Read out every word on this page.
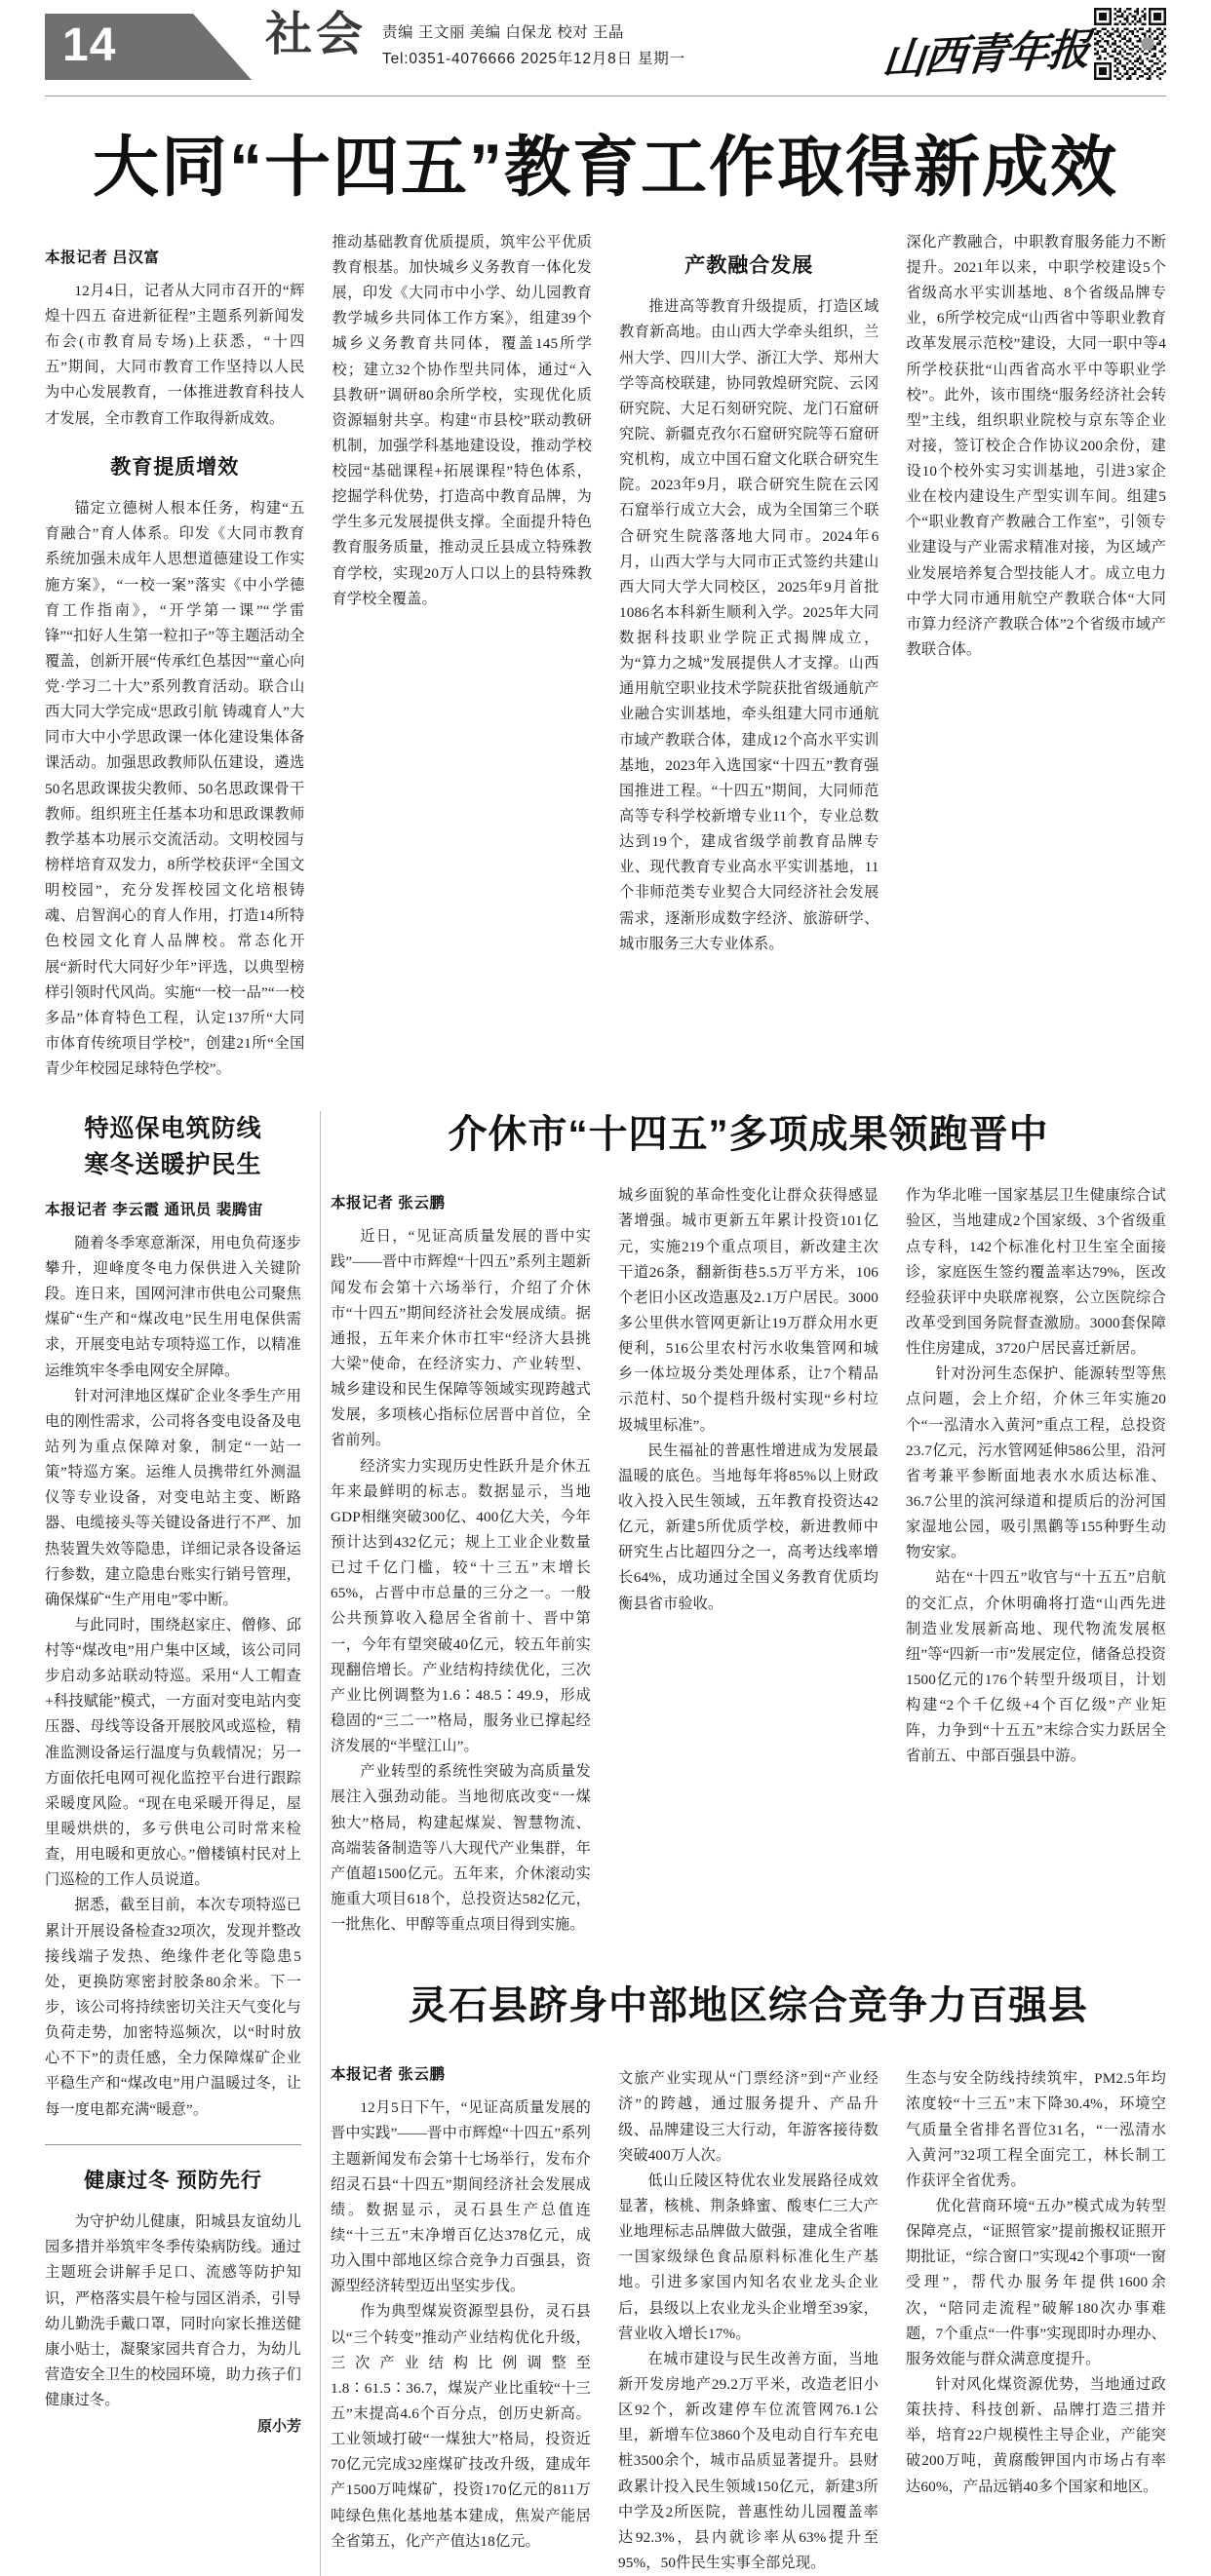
14	社会 责编 王文丽 美编 白保龙 校对 王晶
Tel:0351-4076666 2025年12月8日 星期一	山西青年报
大同“十四五”教育工作取得新成效
本报记者 吕汉富

12月4日，记者从大同市召开的“辉煌十四五 奋进新征程”主题系列新闻发布会(市教育局专场)上获悉，“十四五”期间，大同市教育工作坚持以人民为中心发展教育，一体推进教育科技人才发展，全市教育工作取得新成效。

教育提质增效

锚定立德树人根本任务，构建“五育融合”育人体系。印发《大同市教育系统加强未成年人思想道德建设工作实施方案》，“一校一案”落实《中小学德育工作指南》，“开学第一课”“学雷锋”“扣好人生第一粒扣子”等主题活动全覆盖，创新开展“传承红色基因”“童心向党·学习二十大”系列教育活动。联合山西大同大学完成“思政引航 铸魂育人”大同市大中小学思政课一体化建设集体备课活动。加强思政教师队伍建设，遴选50名思政课拔尖教师、50名思政课骨干教师。组织班主任基本功和思政课教师教学基本功展示交流活动。文明校园与榜样培育双发力，8所学校获评“全国文明校园”，充分发挥校园文化培根铸魂、启智润心的育人作用，打造14所特色校园文化育人品牌校。常态化开展“新时代大同好少年”评选，以典型榜样引领时代风尚。实施“一校一品”“一校多品”体育特色工程，认定137所“大同市体育传统项目学校”，创建21所“全国青少年校园足球特色学校”。

推动基础教育优质提质，筑牢公平优质教育根基。加快城乡义务教育一体化发展，印发《大同市中小学、幼儿园教育教学城乡共同体工作方案》，组建39个城乡义务教育共同体，覆盖145所学校；建立32个协作型共同体，通过“入县教研”调研80余所学校，实现优化质资源辐射共享。构建“市县校”联动教研机制，加强学科基地建设设，推动学校校园“基础课程+拓展课程”特色体系，挖掘学科优势，打造高中教育品牌，为学生多元发展提供支撑。全面提升特色教育服务质量，推动灵丘县成立特殊教育学校，实现20万人口以上的县特殊教育学校全覆盖。

产教融合发展

推进高等教育升级提质，打造区域教育新高地。由山西大学牵头组织，兰州大学、四川大学、浙江大学、郑州大学等高校联建，协同敦煌研究院、云冈研究院、大足石刻研究院、龙门石窟研究院、新疆克孜尔石窟研究院等石窟研究机构，成立中国石窟文化联合研究生院。2023年9月，联合研究生院在云冈石窟举行成立大会，成为全国第三个联合研究生院落落地大同市。2024年6月，山西大学与大同市正式签约共建山西大同大学大同校区，2025年9月首批1086名本科新生顺利入学。2025年大同数据科技职业学院正式揭牌成立，为“算力之城”发展提供人才支撑。山西通用航空职业技术学院获批省级通航产业融合实训基地，牵头组建大同市通航市域产教联合体，建成12个高水平实训基地，2023年入选国家“十四五”教育强国推进工程。“十四五”期间，大同师范高等专科学校新增专业11个，专业总数达到19个，建成省级学前教育品牌专业、现代教育专业高水平实训基地，11个非师范类专业契合大同经济社会发展需求，逐渐形成数字经济、旅游研学、城市服务三大专业体系。

深化产教融合，中职教育服务能力不断提升。2021年以来，中职学校建设5个省级高水平实训基地、8个省级品牌专业，6所学校完成“山西省中等职业教育改革发展示范校”建设，大同一职中等4所学校获批“山西省高水平中等职业学校”。此外，该市围绕“服务经济社会转型”主线，组织职业院校与京东等企业对接，签订校企合作协议200余份，建设10个校外实习实训基地，引进3家企业在校内建设生产型实训车间。组建5个“职业教育产教融合工作室”，引领专业建设与产业需求精准对接，为区域产业发展培养复合型技能人才。成立电力中学大同市通用航空产教联合体“大同市算力经济产教联合体”2个省级市域产教联合体。

特巡保电筑防线
寒冬送暖护民生
本报记者 李云霞 通讯员 裴腾宙

随着冬季寒意渐深，用电负荷逐步攀升，迎峰度冬电力保供进入关键阶段。连日来，国网河津市供电公司聚焦煤矿“生产和“煤改电”民生用电保供需求，开展变电站专项特巡工作，以精准运维筑牢冬季电网安全屏障。

针对河津地区煤矿企业冬季生产用电的刚性需求，公司将各变电设备及电站列为重点保障对象，制定“一站一策”特巡方案。运维人员携带红外测温仪等专业设备，对变电站主变、断路器、电缆接头等关键设备进行不严、加热装置失效等隐患，详细记录各设备运行参数，建立隐患台账实行销号管理，确保煤矿“生产用电”零中断。

与此同时，围绕赵家庄、僧修、邱村等“煤改电”用户集中区域，该公司同步启动多站联动特巡。采用“人工帽查+科技赋能”模式，一方面对变电站内变压器、母线等设备开展胶风或巡检，精准监测设备运行温度与负载情况；另一方面依托电网可视化监控平台进行跟踪采暖度风险。“现在电采暖开得足，屋里暖烘烘的，多亏供电公司时常来检查，用电暖和更放心。”僧楼镇村民对上门巡检的工作人员说道。

据悉，截至目前，本次专项特巡已累计开展设备检查32项次，发现并整改接线端子发热、绝缘件老化等隐患5处，更换防寒密封胶条80余米。下一步，该公司将持续密切关注天气变化与负荷走势，加密特巡频次，以“时时放心不下”的责任感，全力保障煤矿企业平稳生产和“煤改电”用户温暖过冬，让每一度电都充满“暖意”。

健康过冬 预防先行

为守护幼儿健康，阳城县友谊幼儿园多措并举筑牢冬季传染病防线。通过主题班会讲解手足口、流感等防护知识，严格落实晨午检与园区消杀，引导幼儿勤洗手戴口罩，同时向家长推送健康小贴士，凝聚家园共育合力，为幼儿营造安全卫生的校园环境，助力孩子们健康过冬。

原小芳
介休市“十四五”多项成果领跑晋中
本报记者 张云鹏

近日，“见证高质量发展的晋中实践”——晋中市辉煌“十四五”系列主题新闻发布会第十六场举行，介绍了介休市“十四五”期间经济社会发展成绩。据通报，五年来介休市扛牢“经济大县挑大梁”使命，在经济实力、产业转型、城乡建设和民生保障等领域实现跨越式发展，多项核心指标位居晋中首位，全省前列。

经济实力实现历史性跃升是介休五年来最鲜明的标志。数据显示，当地GDP相继突破300亿、400亿大关，今年预计达到432亿元；规上工业企业数量已过千亿门槛，较“十三五”末增长65%，占晋中市总量的三分之一。一般公共预算收入稳居全省前十、晋中第一，今年有望突破40亿元，较五年前实现翻倍增长。产业结构持续优化，三次产业比例调整为1.6∶48.5∶49.9，形成稳固的“三二一”格局，服务业已撑起经济发展的“半壁江山”。

产业转型的系统性突破为高质量发展注入强劲动能。当地彻底改变“一煤独大”格局，构建起煤炭、智慧物流、高端装备制造等八大现代产业集群，年产值超1500亿元。五年来，介休滚动实施重大项目618个，总投资达582亿元，一批焦化、甲醇等重点项目得到实施。

城乡面貌的革命性变化让群众获得感显著增强。城市更新五年累计投资101亿元，实施219个重点项目，新改建主次干道26条，翻新街巷5.5万平方米，106个老旧小区改造惠及2.1万户居民。3000多公里供水管网更新让19万群众用水更便利，516公里农村污水收集管网和城乡一体垃圾分类处理体系，让7个精品示范村、50个提档升级村实现“乡村垃圾城里标准”。

民生福祉的普惠性增进成为发展最温暖的底色。当地每年将85%以上财政收入投入民生领域，五年教育投资达42亿元，新建5所优质学校，新进教师中研究生占比超四分之一，高考达线率增长64%，成功通过全国义务教育优质均衡县省市验收。

作为华北唯一国家基层卫生健康综合试验区，当地建成2个国家级、3个省级重点专科，142个标准化村卫生室全面接诊，家庭医生签约覆盖率达79%，医改经验获评中央联席视察，公立医院综合改革受到国务院督查激励。3000套保障性住房建成，3720户居民喜迁新居。

针对汾河生态保护、能源转型等焦点问题，会上介绍，介休三年实施20个“一泓清水入黄河”重点工程，总投资23.7亿元，污水管网延伸586公里，沿河省考兼平参断面地表水水质达标准、36.7公里的滨河绿道和提质后的汾河国家湿地公园，吸引黑鹳等155种野生动物安家。

站在“十四五”收官与“十五五”启航的交汇点，介休明确将打造“山西先进制造业发展新高地、现代物流发展枢纽”等“四新一市”发展定位，储备总投资1500亿元的176个转型升级项目，计划构建“2个千亿级+4个百亿级”产业矩阵，力争到“十五五”末综合实力跃居全省前五、中部百强县中游。

灵石县跻身中部地区综合竞争力百强县
本报记者 张云鹏

12月5日下午，“见证高质量发展的晋中实践”——晋中市辉煌“十四五”系列主题新闻发布会第十七场举行，发布介绍灵石县“十四五”期间经济社会发展成绩。数据显示，灵石县生产总值连续“十三五”末净增百亿达378亿元，成功入围中部地区综合竞争力百强县，资源型经济转型迈出坚实步伐。

作为典型煤炭资源型县份，灵石县以“三个转变”推动产业结构优化升级，三次产业结构比例调整至1.8∶61.5∶36.7，煤炭产业比重较“十三五”末提高4.6个百分点，创历史新高。工业领域打破“一煤独大”格局，投资近70亿元完成32座煤矿技改升级，建成年产1500万吨煤矿，投资170亿元的811万吨绿色焦化基地基本建成，焦炭产能居全省第五，化产产值达18亿元。

文旅产业实现从“门票经济”到“产业经济”的跨越，通过服务提升、产品升级、品牌建设三大行动，年游客接待数突破400万人次。

低山丘陵区特优农业发展路径成效显著，核桃、荆条蜂蜜、酸枣仁三大产业地理标志品牌做大做强，建成全省唯一国家级绿色食品原料标准化生产基地。引进多家国内知名农业龙头企业后，县级以上农业龙头企业增至39家，营业收入增长17%。

在城市建设与民生改善方面，当地新开发房地产29.2万平米，改造老旧小区92个，新改建停车位流管网76.1公里，新增车位3860个及电动自行车充电桩3500余个，城市品质显著提升。县财政累计投入民生领域150亿元，新建3所中学及2所医院，普惠性幼儿园覆盖率达92.3%，县内就诊率从63%提升至95%，50件民生实事全部兑现。

生态与安全防线持续筑牢，PM2.5年均浓度较“十三五”末下降30.4%，环境空气质量全省排名晋位31名，“一泓清水入黄河”32项工程全面完工，林长制工作获评全省优秀。

优化营商环境“五办”模式成为转型保障亮点，“证照管家”提前搬权证照开期批证，“综合窗口”实现42个事项“一窗受理”，帮代办服务年提供1600余次，“陪同走流程”破解180次办事难题，7个重点“一件事”实现即时办理办、服务效能与群众满意度提升。

针对风化煤资源优势，当地通过政策扶持、科技创新、品牌打造三措并举，培育22户规模性主导企业，产能突破200万吨，黄腐酸钾国内市场占有率达60%，产品远销40多个国家和地区。
